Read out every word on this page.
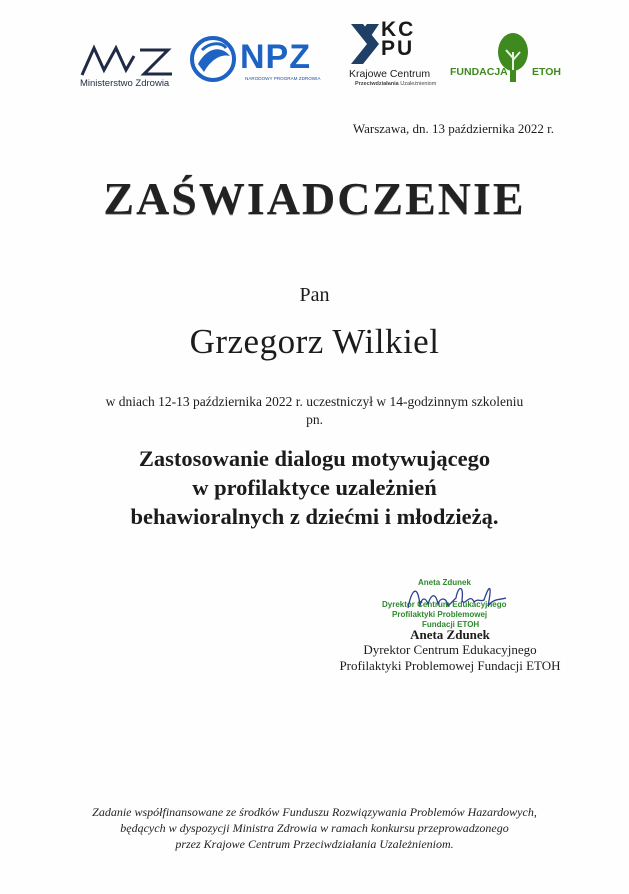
Ministerstwo Zdrowia
NPZ
NARODOWY PROGRAM ZDROWIA
KCPU
Krajowe Centrum
Przeciwdziałania Uzależnieniom
FUNDACJA ETOH
Warszawa, dn. 13 października 2022 r.
ZAŚWIADCZENIE
Pan
Grzegorz Wilkiel
w dniach 12-13 października 2022 r. uczestniczył w 14-godzinnym szkoleniu pn.
Zastosowanie dialogu motywującego
w profilaktyce uzależnień
behawioralnych z dziećmi i młodzieżą.
Aneta Zdunek
Dyrektor Centrum Edukacyjnego
Profilaktyki Problemowej
Fundacji ETOH
Aneta Zdunek
Dyrektor Centrum Edukacyjnego
Profilaktyki Problemowej Fundacji ETOH
Zadanie współfinansowane ze środków Funduszu Rozwiązywania Problemów Hazardowych,
będących w dyspozycji Ministra Zdrowia w ramach konkursu przeprowadzonego
przez Krajowe Centrum Przeciwdziałania Uzależnieniom.
